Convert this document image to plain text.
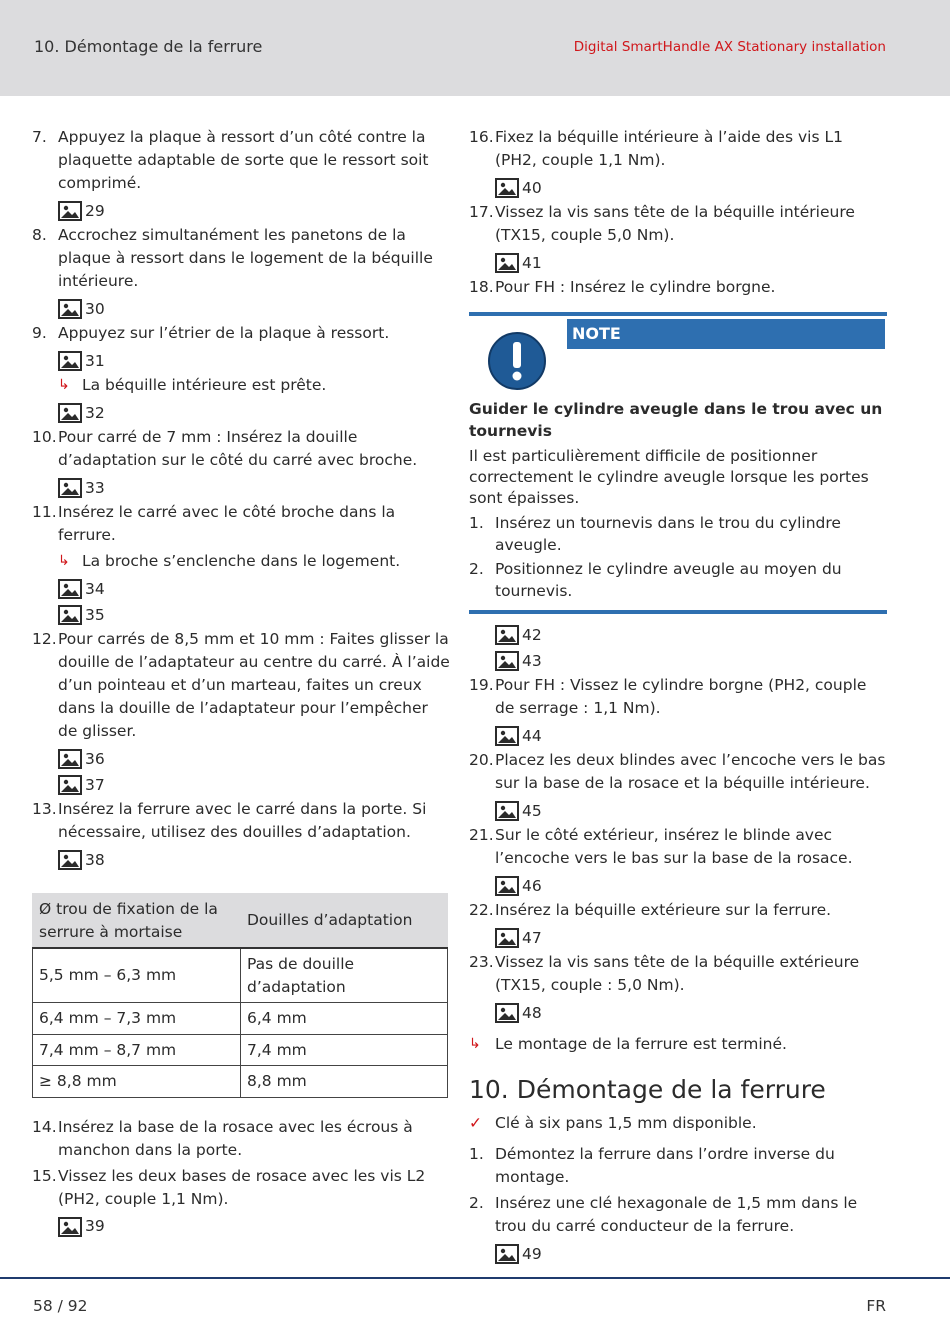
10. Démontage de la ferrure	Digital SmartHandle AX Stationary installation
7. Appuyez la plaque à ressort d’un côté contre la plaquette adaptable de sorte que le ressort soit comprimé.
29
8. Accrochez simultanément les panetons de la plaque à ressort dans le logement de la béquille intérieure.
30
9. Appuyez sur l’étrier de la plaque à ressort.
31
↳ La béquille intérieure est prête.
32
10. Pour carré de 7 mm : Insérez la douille d’adaptation sur le côté du carré avec broche.
33
11. Insérez le carré avec le côté broche dans la ferrure.
↳ La broche s’enclenche dans le logement.
34
35
12. Pour carrés de 8,5 mm et 10 mm : Faites glisser la douille de l’adaptateur au centre du carré. À l’aide d’un pointeau et d’un marteau, faites un creux dans la douille de l’adaptateur pour l’empêcher de glisser.
36
37
13. Insérez la ferrure avec le carré dans la porte. Si nécessaire, utilisez des douilles d’adaptation.
38
Ø trou de fixation de la serrure à mortaise	Douilles d’adaptation
5,5 mm – 6,3 mm	Pas de douille d’adaptation
6,4 mm – 7,3 mm	6,4 mm
7,4 mm – 8,7 mm	7,4 mm
≥ 8,8 mm	8,8 mm
14. Insérez la base de la rosace avec les écrous à manchon dans la porte.
15. Vissez les deux bases de rosace avec les vis L2 (PH2, couple 1,1 Nm).
39
16. Fixez la béquille intérieure à l’aide des vis L1 (PH2, couple 1,1 Nm).
40
17. Vissez la vis sans tête de la béquille intérieure (TX15, couple 5,0 Nm).
41
18. Pour FH : Insérez le cylindre borgne.
NOTE
Guider le cylindre aveugle dans le trou avec un tournevis
Il est particulièrement difficile de positionner correctement le cylindre aveugle lorsque les portes sont épaisses.
1. Insérez un tournevis dans le trou du cylindre aveugle.
2. Positionnez le cylindre aveugle au moyen du tournevis.
42
43
19. Pour FH : Vissez le cylindre borgne (PH2, couple de serrage : 1,1 Nm).
44
20. Placez les deux blindes avec l’encoche vers le bas sur la base de la rosace et la béquille intérieure.
45
21. Sur le côté extérieur, insérez le blinde avec l’encoche vers le bas sur la base de la rosace.
46
22. Insérez la béquille extérieure sur la ferrure.
47
23. Vissez la vis sans tête de la béquille extérieure (TX15, couple : 5,0 Nm).
48
↳ Le montage de la ferrure est terminé.
10. Démontage de la ferrure
✓ Clé à six pans 1,5 mm disponible.
1. Démontez la ferrure dans l’ordre inverse du montage.
2. Insérez une clé hexagonale de 1,5 mm dans le trou du carré conducteur de la ferrure.
49
58 / 92	FR
